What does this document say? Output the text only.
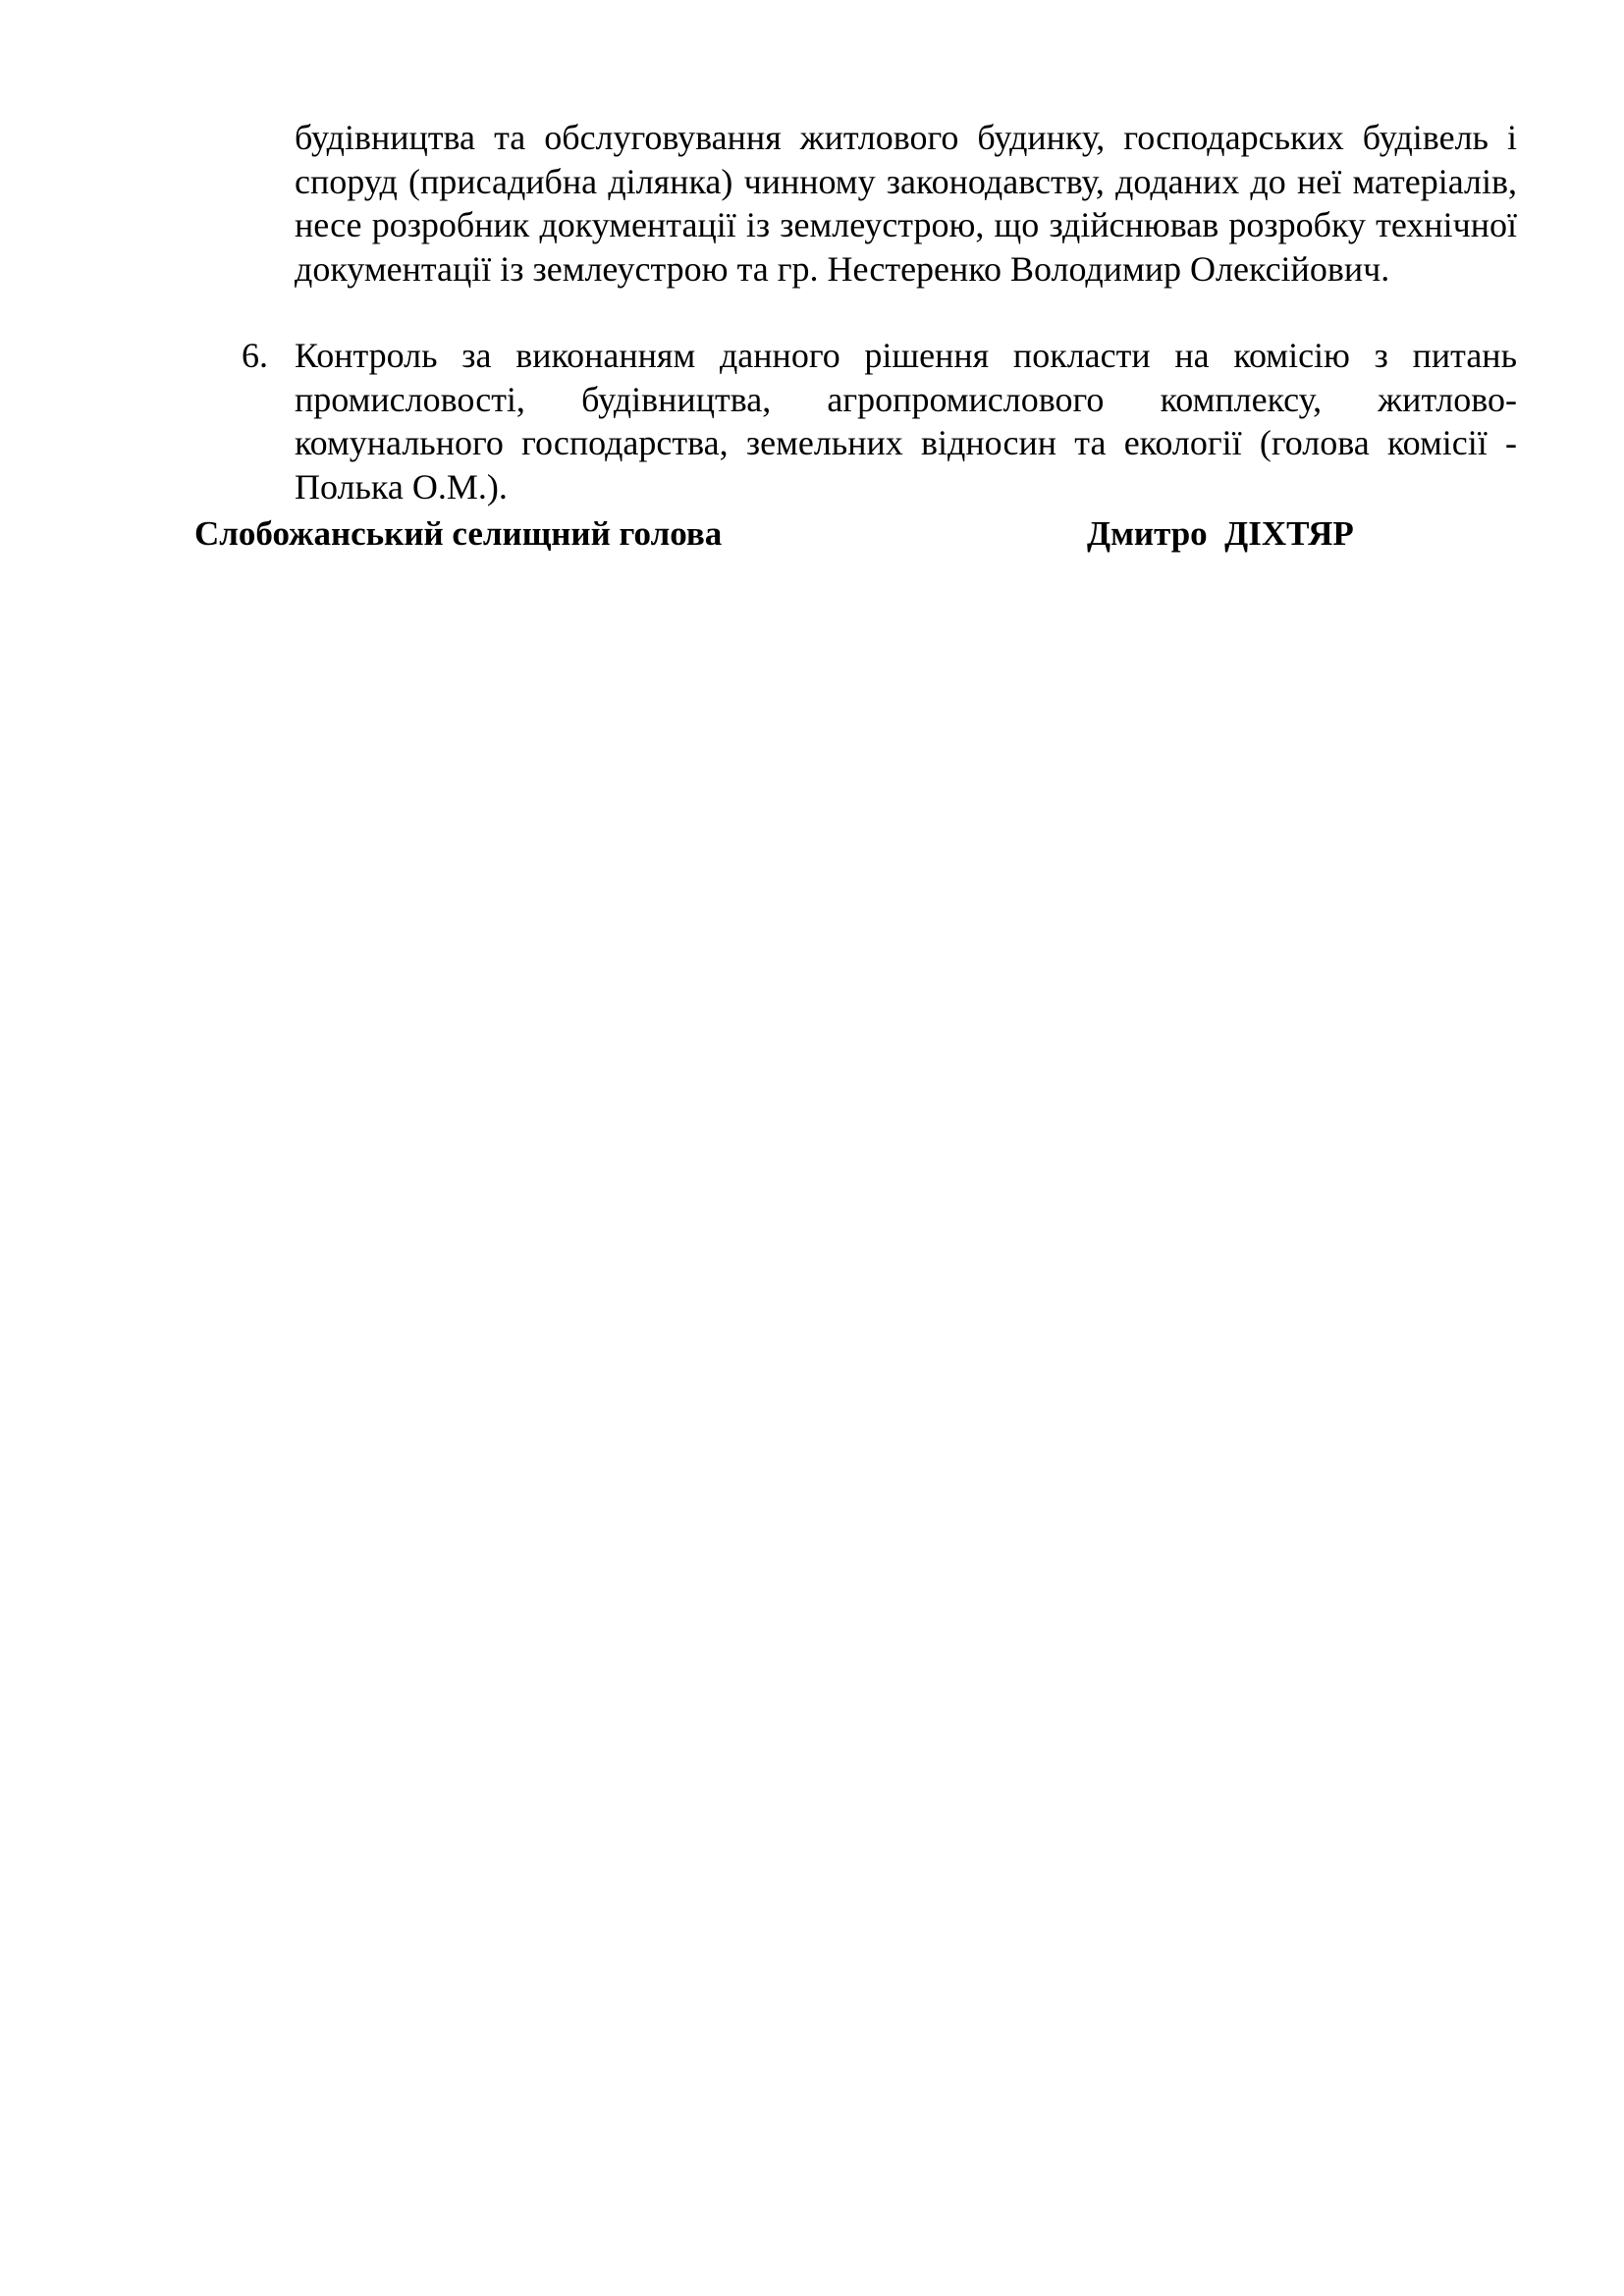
будівництва та обслуговування житлового будинку, господарських будівель і споруд (присадибна ділянка) чинному законодавству, доданих до неї матеріалів, несе розробник документації із землеустрою, що здійснював розробку технічної документації із землеустрою та гр. Нестеренко Володимир Олексійович.
6. Контроль за виконанням данного рішення покласти на комісію з питань промисловості, будівництва, агропромислового комплексу, житлово-комунального господарства, земельних відносин та екології (голова комісії - Полька О.М.).
Слобожанський селищний голова	Дмитро  ДІХТЯР
